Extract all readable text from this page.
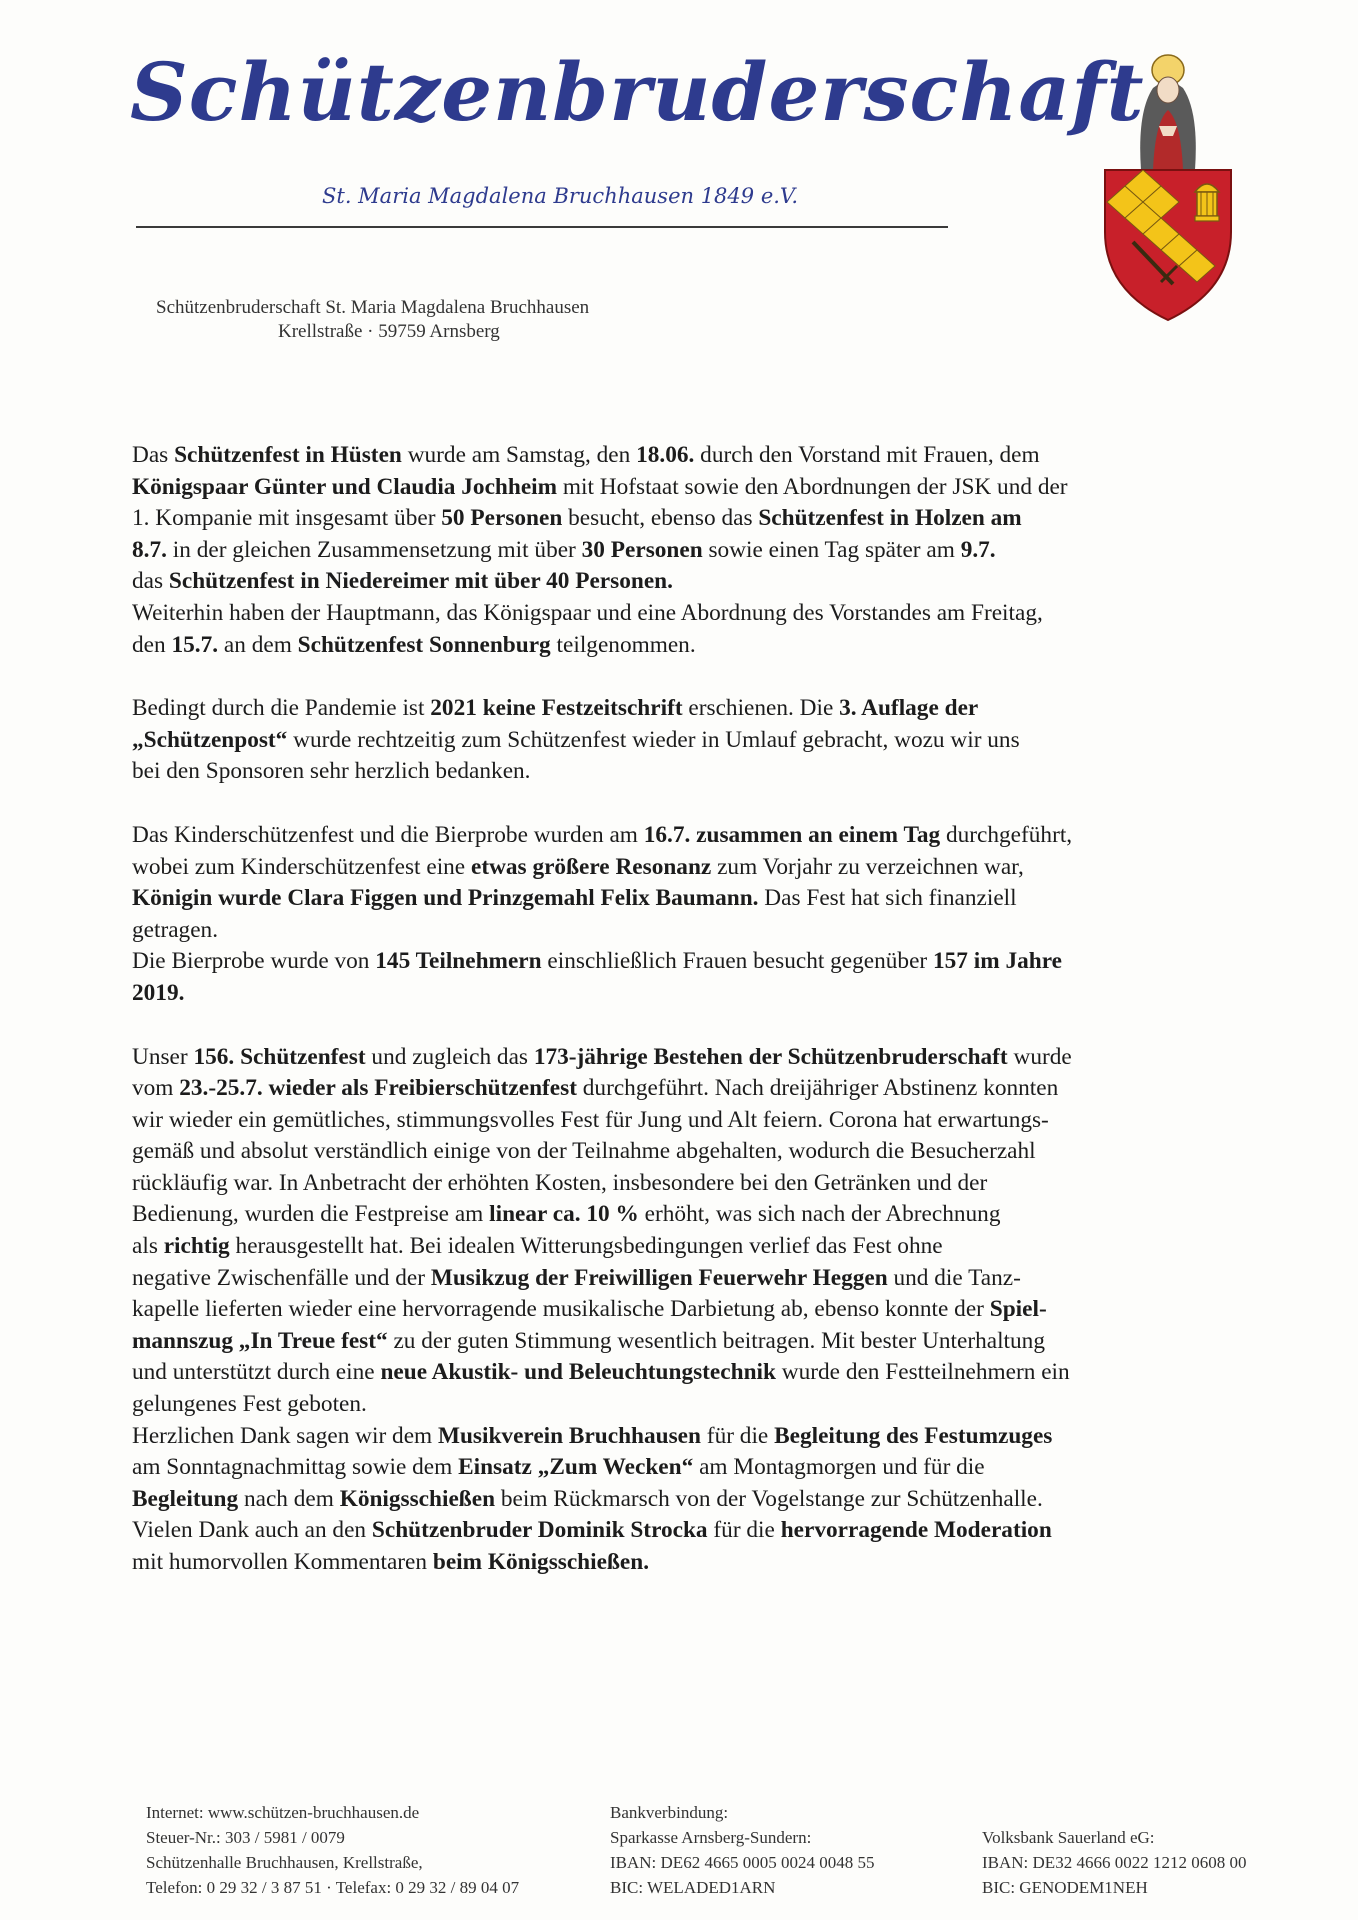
Schützenbruderschaft
St. Maria Magdalena Bruchhausen 1849 e.V.
Schützenbruderschaft St. Maria Magdalena Bruchhausen
Krellstraße · 59759 Arnsberg

Das Schützenfest in Hüsten wurde am Samstag, den 18.06. durch den Vorstand mit Frauen, dem
Königspaar Günter und Claudia Jochheim mit Hofstaat sowie den Abordnungen der JSK und der
1. Kompanie mit insgesamt über 50 Personen besucht, ebenso das Schützenfest in Holzen am
8.7. in der gleichen Zusammensetzung mit über 30 Personen sowie einen Tag später am 9.7.
das Schützenfest in Niedereimer mit über 40 Personen.
Weiterhin haben der Hauptmann, das Königspaar und eine Abordnung des Vorstandes am Freitag,
den 15.7. an dem Schützenfest Sonnenburg teilgenommen.

Bedingt durch die Pandemie ist 2021 keine Festzeitschrift erschienen. Die 3. Auflage der
„Schützenpost“ wurde rechtzeitig zum Schützenfest wieder in Umlauf gebracht, wozu wir uns
bei den Sponsoren sehr herzlich bedanken.

Das Kinderschützenfest und die Bierprobe wurden am 16.7. zusammen an einem Tag durchgeführt,
wobei zum Kinderschützenfest eine etwas größere Resonanz zum Vorjahr zu verzeichnen war,
Königin wurde Clara Figgen und Prinzgemahl Felix Baumann. Das Fest hat sich finanziell
getragen.
Die Bierprobe wurde von 145 Teilnehmern einschließlich Frauen besucht gegenüber 157 im Jahre
2019.

Unser 156. Schützenfest und zugleich das 173-jährige Bestehen der Schützenbruderschaft wurde
vom 23.-25.7. wieder als Freibierschützenfest durchgeführt. Nach dreijähriger Abstinenz konnten
wir wieder ein gemütliches, stimmungsvolles Fest für Jung und Alt feiern. Corona hat erwartungs-
gemäß und absolut verständlich einige von der Teilnahme abgehalten, wodurch die Besucherzahl
rückläufig war. In Anbetracht der erhöhten Kosten, insbesondere bei den Getränken und der
Bedienung, wurden die Festpreise am linear ca. 10 % erhöht, was sich nach der Abrechnung
als richtig herausgestellt hat. Bei idealen Witterungsbedingungen verlief das Fest ohne
negative Zwischenfälle und der Musikzug der Freiwilligen Feuerwehr Heggen und die Tanz-
kapelle lieferten wieder eine hervorragende musikalische Darbietung ab, ebenso konnte der Spiel-
mannszug „In Treue fest“ zu der guten Stimmung wesentlich beitragen. Mit bester Unterhaltung
und unterstützt durch eine neue Akustik- und Beleuchtungstechnik wurde den Festteilnehmern ein
gelungenes Fest geboten.
Herzlichen Dank sagen wir dem Musikverein Bruchhausen für die Begleitung des Festumzuges
am Sonntagnachmittag sowie dem Einsatz „Zum Wecken“ am Montagmorgen und für die
Begleitung nach dem Königsschießen beim Rückmarsch von der Vogelstange zur Schützenhalle.
Vielen Dank auch an den Schützenbruder Dominik Strocka für die hervorragende Moderation
mit humorvollen Kommentaren beim Königsschießen.

Internet: www.schützen-bruchhausen.de
Steuer-Nr.: 303 / 5981 / 0079
Schützenhalle Bruchhausen, Krellstraße,
Telefon: 0 29 32 / 3 87 51 · Telefax: 0 29 32 / 89 04 07
Bankverbindung:
Sparkasse Arnsberg-Sundern:
IBAN: DE62 4665 0005 0024 0048 55
BIC: WELADED1ARN

Volksbank Sauerland eG:
IBAN: DE32 4666 0022 1212 0608 00
BIC: GENODEM1NEH
